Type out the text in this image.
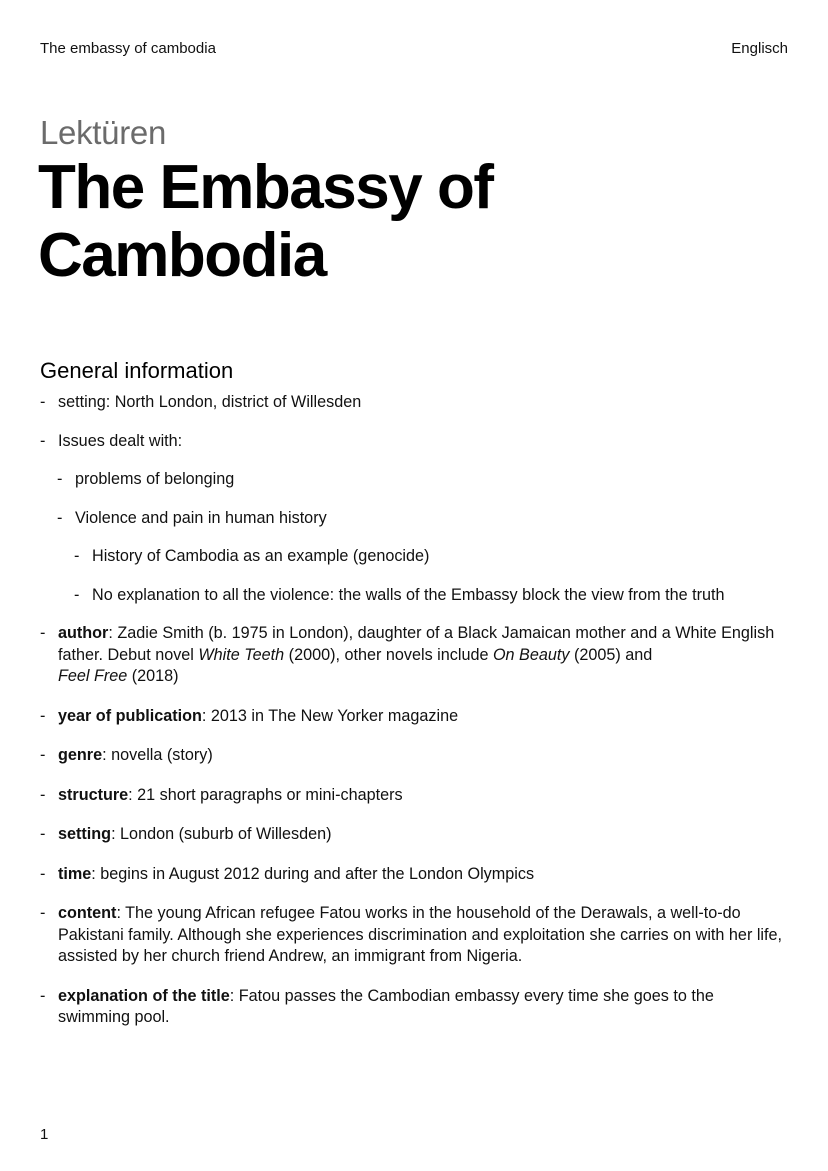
The embassy of cambodia	Englisch
Lektüren
The Embassy of Cambodia
General information
- setting: North London, district of Willesden
- Issues dealt with:
- problems of belonging
- Violence and pain in human history
- History of Cambodia as an example (genocide)
- No explanation to all the violence: the walls of the Embassy block the view from the truth
- author: Zadie Smith (b. 1975 in London), daughter of a Black Jamaican mother and a White English father. Debut novel White Teeth (2000), other novels include On Beauty (2005) and
Feel Free (2018)
- year of publication: 2013 in The New Yorker magazine
- genre: novella (story)
- structure: 21 short paragraphs or mini-chapters
- setting: London (suburb of Willesden)
- time: begins in August 2012 during and after the London Olympics
- content: The young African refugee Fatou works in the household of the Derawals, a well-to-do Pakistani family. Although she experiences discrimination and exploitation she carries on with her life, assisted by her church friend Andrew, an immigrant from Nigeria.
- explanation of the title: Fatou passes the Cambodian embassy every time she goes to the swimming pool.
1
